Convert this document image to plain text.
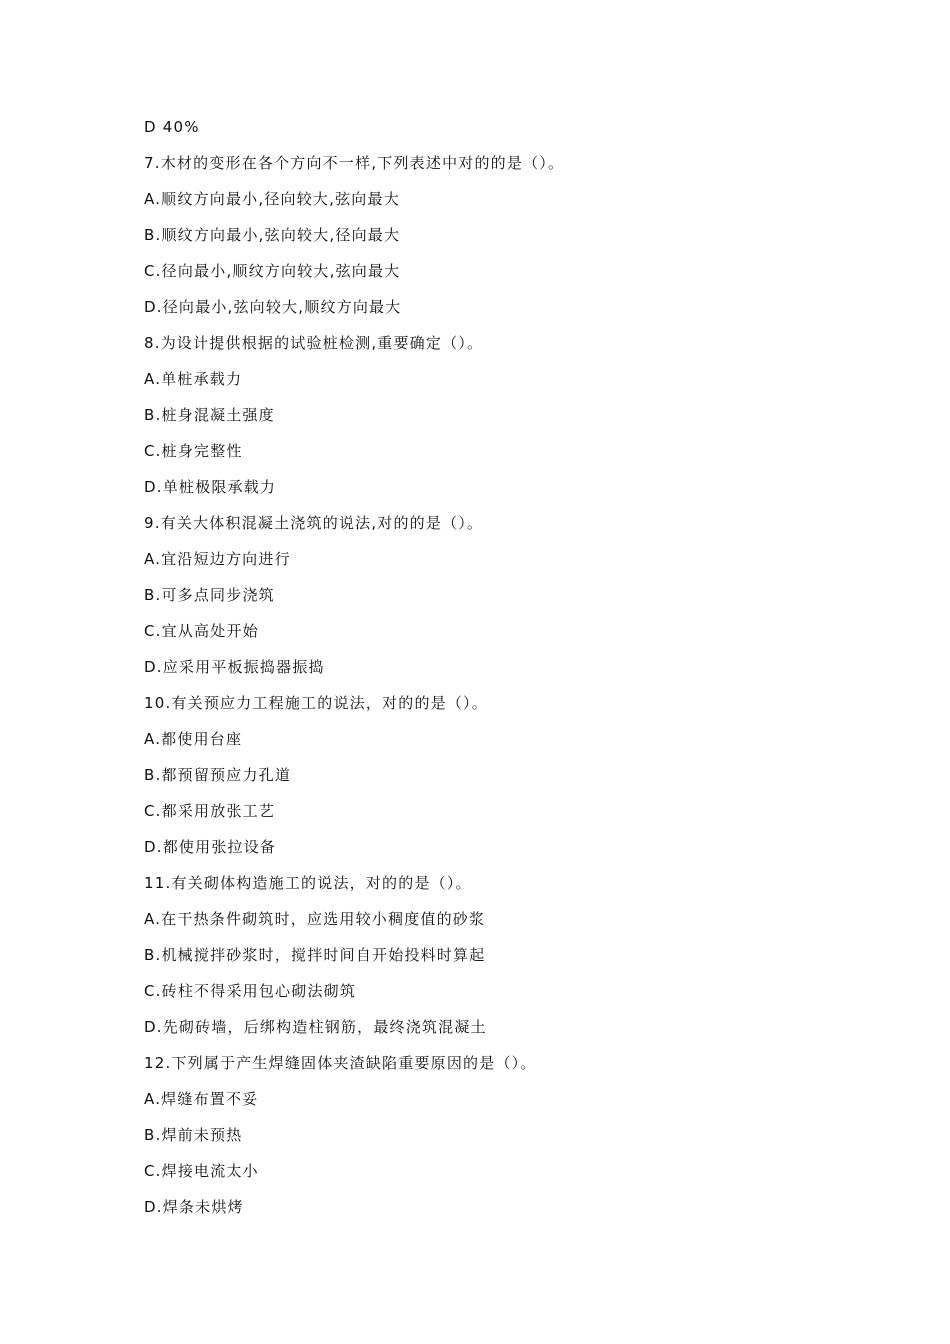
D 40%
7.木材的变形在各个方向不一样,下列表述中对的的是（）。
A.顺纹方向最小,径向较大,弦向最大
B.顺纹方向最小,弦向较大,径向最大
C.径向最小,顺纹方向较大,弦向最大
D.径向最小,弦向较大,顺纹方向最大
8.为设计提供根据的试验桩检测,重要确定（）。
A.单桩承载力
B.桩身混凝土强度
C.桩身完整性
D.单桩极限承载力
9.有关大体积混凝土浇筑的说法,对的的是（）。
A.宜沿短边方向进行
B.可多点同步浇筑
C.宜从高处开始
D.应采用平板振捣器振捣
10.有关预应力工程施工的说法，对的的是（）。
A.都使用台座
B.都预留预应力孔道
C.都采用放张工艺
D.都使用张拉设备
11.有关砌体构造施工的说法，对的的是（）。
A.在干热条件砌筑时，应选用较小稠度值的砂浆
B.机械搅拌砂浆时，搅拌时间自开始投料时算起
C.砖柱不得采用包心砌法砌筑
D.先砌砖墙，后绑构造柱钢筋，最终浇筑混凝土
12.下列属于产生焊缝固体夹渣缺陷重要原因的是（）。
A.焊缝布置不妥
B.焊前未预热
C.焊接电流太小
D.焊条未烘烤
